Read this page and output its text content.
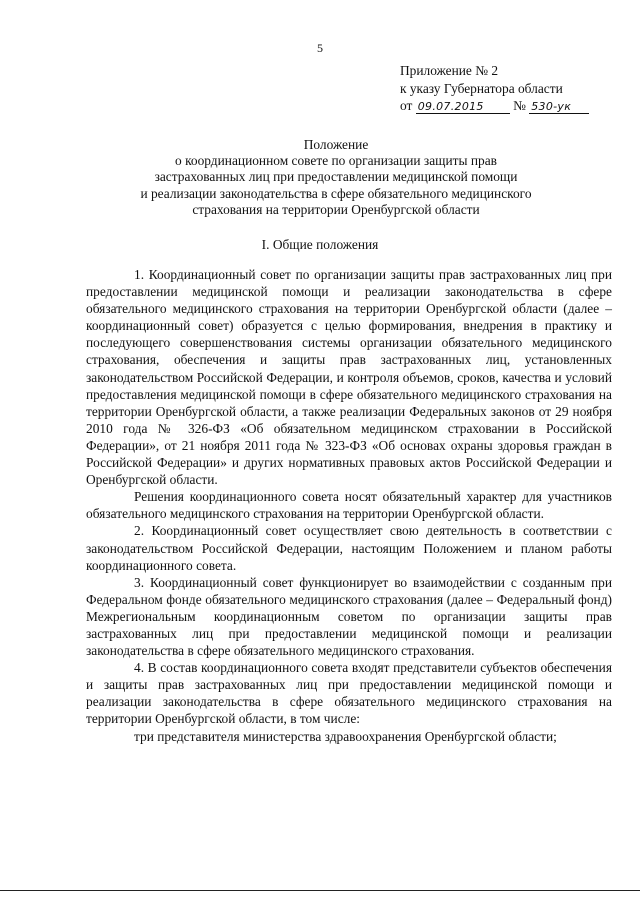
5
Приложение № 2
к указу Губернатора области
от 09.07.2015 № 530-ук
Положение
о координационном совете по организации защиты прав
застрахованных лиц при предоставлении медицинской помощи
и реализации законодательства в сфере обязательного медицинского
страхования на территории Оренбургской области
I. Общие положения

1. Координационный совет по организации защиты прав застрахованных лиц при предоставлении медицинской помощи и реализации законодательства в сфере обязательного медицинского страхования на территории Оренбургской области (далее – координационный совет) образуется с целью формирования, внедрения в практику и последующего совершенствования системы организации обязательного медицинского страхования, обеспечения и защиты прав застрахованных лиц, установленных законодательством Российской Федерации, и контроля объемов, сроков, качества и условий предоставления медицинской помощи в сфере обязательного медицинского страхования на территории Оренбургской области, а также реализации Федеральных законов от 29 ноября 2010 года № 326-ФЗ «Об обязательном медицинском страховании в Российской Федерации», от 21 ноября 2011 года № 323-ФЗ «Об основах охраны здоровья граждан в Российской Федерации» и других нормативных правовых актов Российской Федерации и Оренбургской области.

Решения координационного совета носят обязательный характер для участников обязательного медицинского страхования на территории Оренбургской области.

2. Координационный совет осуществляет свою деятельность в соответствии с законодательством Российской Федерации, настоящим Положением и планом работы координационного совета.

3. Координационный совет функционирует во взаимодействии с созданным при Федеральном фонде обязательного медицинского страхования (далее – Федеральный фонд) Межрегиональным координационным советом по организации защиты прав застрахованных лиц при предоставлении медицинской помощи и реализации законодательства в сфере обязательного медицинского страхования.

4. В состав координационного совета входят представители субъектов обеспечения и защиты прав застрахованных лиц при предоставлении медицинской помощи и реализации законодательства в сфере обязательного медицинского страхования на территории Оренбургской области, в том числе:

три представителя министерства здравоохранения Оренбургской области;
